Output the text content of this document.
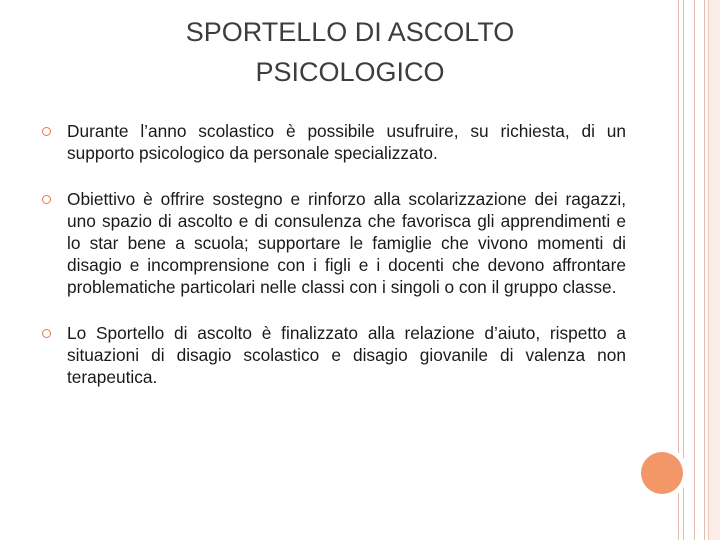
SPORTELLO DI ASCOLTO
PSICOLOGICO
Durante l’anno scolastico è possibile usufruire, su richiesta, di un supporto psicologico da personale specializzato.
Obiettivo è offrire sostegno e rinforzo alla scolarizzazione dei ragazzi, uno spazio di ascolto e di consulenza che favorisca gli apprendimenti e lo star bene a scuola; supportare le famiglie che vivono momenti di disagio e incomprensione con i figli e i docenti che devono affrontare problematiche particolari nelle classi con i singoli o con il gruppo classe.
Lo Sportello di ascolto è finalizzato alla relazione d’aiuto, rispetto a situazioni di disagio scolastico e disagio giovanile di valenza non terapeutica.
